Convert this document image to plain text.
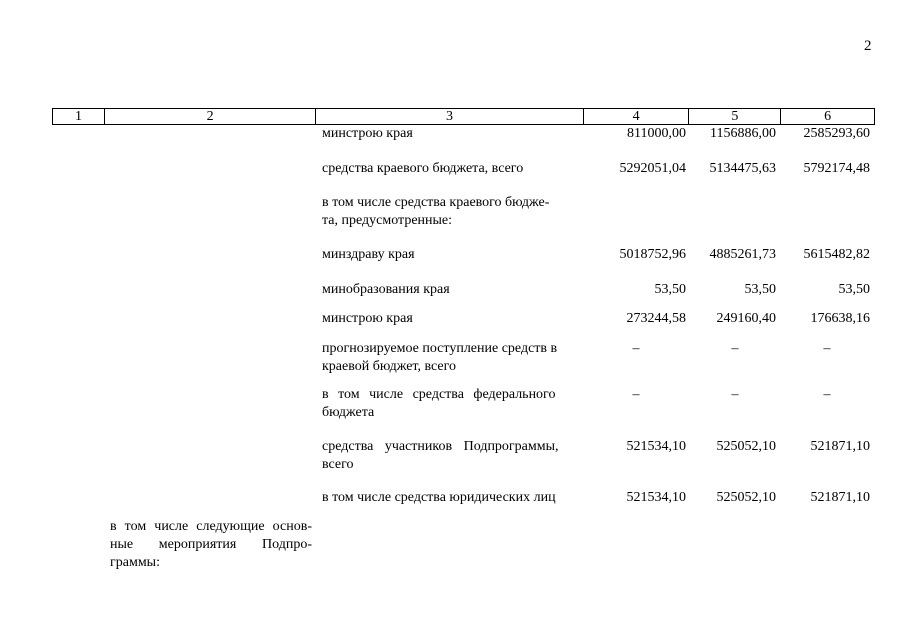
2
1	2	3	4	5	6
минстрою края	811000,00	1156886,00	2585293,60
средства краевого бюджета, всего	5292051,04	5134475,63	5792174,48
в том числе средства краевого бюдже-
та, предусмотренные:
минздраву края	5018752,96	4885261,73	5615482,82
минобразования края	53,50	53,50	53,50
минстрою края	273244,58	249160,40	176638,16
прогнозируемое поступление средств в
краевой бюджет, всего
–	–	–
в том числе средства федерального
бюджета
–	–	–
средства участников Подпрограммы,
всего
521534,10	525052,10	521871,10
в том числе средства юридических лиц	521534,10	525052,10	521871,10
в том числе следующие основ-
ные мероприятия Подпро-
граммы:
